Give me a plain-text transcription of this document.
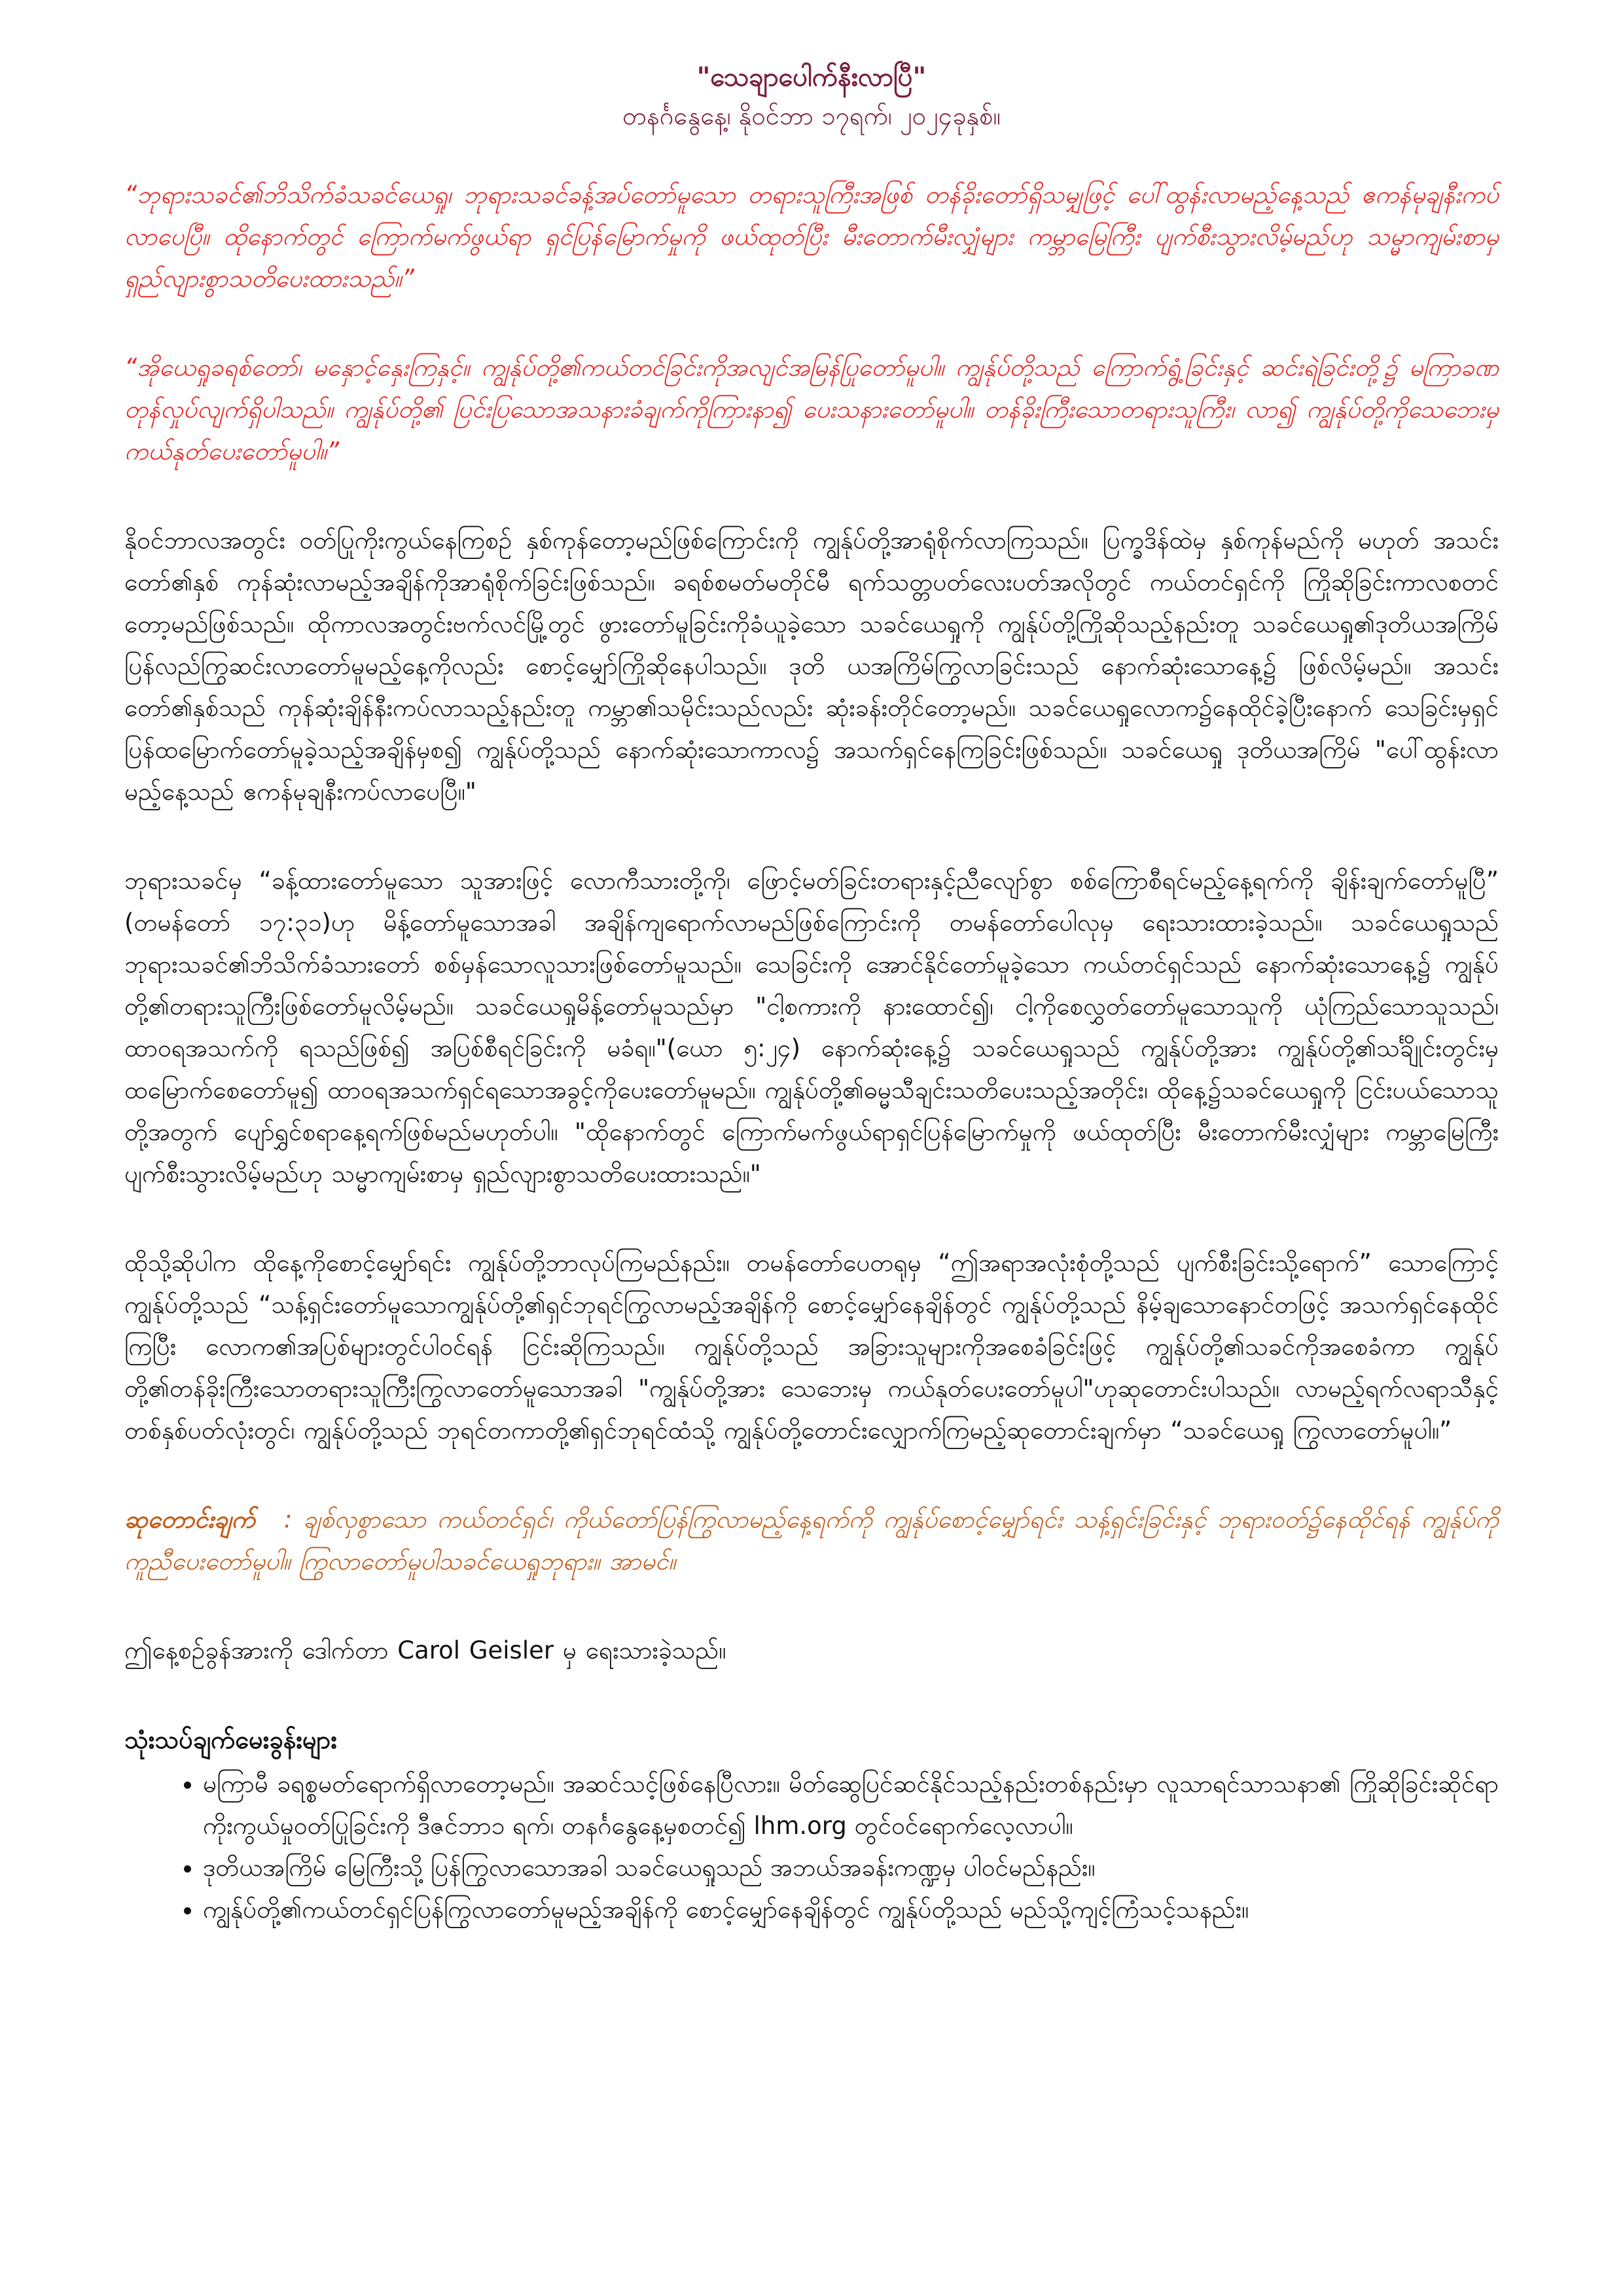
"သေချာပေါက်နီးလာပြီ"
တနင်္ဂနွေနေ့၊ နိုဝင်ဘာ ၁၇ရက်၊ ၂၀၂၄ခုနှစ်။

“ဘုရားသခင်၏ဘိသိက်ခံသခင်ယေရှု၊ ဘုရားသခင်ခန့်အပ်တော်မူသော တရားသူကြီးအဖြစ် တန်ခိုးတော်ရှိသမျှဖြင့် ပေါ်ထွန်းလာမည့်နေ့သည် ဧကန်မုချနီးကပ်လာပေပြီ။ ထိုနောက်တွင် ကြောက်မက်ဖွယ်ရာ ရှင်ပြန်မြောက်မှုကို ဖယ်ထုတ်ပြီး မီးတောက်မီးလျှံများ ကမ္ဘာမြေကြီး ပျက်စီးသွားလိမ့်မည်ဟု သမ္မာကျမ်းစာမှ ရှည်လျားစွာသတိပေးထားသည်။”

“အိုယေရှုခရစ်တော်၊ မနှောင့်နှေးကြနှင့်။ ကျွန်ုပ်တို့၏ကယ်တင်ခြင်းကိုအလျင်အမြန်ပြုတော်မူပါ။ ကျွန်ုပ်တို့သည် ကြောက်ရွံ့ခြင်းနှင့် ဆင်းရဲခြင်းတို့၌ မကြာခဏတုန်လှုပ်လျက်ရှိပါသည်။ ကျွန်ုပ်တို့၏ ပြင်းပြသောအသနားခံချက်ကိုကြားနာ၍ ပေးသနားတော်မူပါ။ တန်ခိုးကြီးသောတရားသူကြီး၊ လာ၍ ကျွန်ုပ်တို့ကိုသေဘေးမှ ကယ်နုတ်ပေးတော်မူပါ။”

နိုဝင်ဘာလအတွင်း ဝတ်ပြုကိုးကွယ်နေကြစဉ် နှစ်ကုန်တော့မည်ဖြစ်ကြောင်းကို ကျွန်ုပ်တို့အာရုံစိုက်လာကြသည်။ ပြက္ခဒိန်ထဲမှ နှစ်ကုန်မည်ကို မဟုတ် အသင်းတော်၏နှစ် ကုန်ဆုံးလာမည့်အချိန်ကိုအာရုံစိုက်ခြင်းဖြစ်သည်။ ခရစ်စမတ်မတိုင်မီ ရက်သတ္တပတ်လေးပတ်အလိုတွင် ကယ်တင်ရှင်ကို ကြိုဆိုခြင်းကာလစတင်တော့မည်ဖြစ်သည်။ ထိုကာလအတွင်းဗက်လင်မြို့တွင် ဖွားတော်မူခြင်းကိုခံယူခဲ့သော သခင်ယေရှုကို ကျွန်ုပ်တို့ကြိုဆိုသည့်နည်းတူ သခင်ယေရှု၏ဒုတိယအကြိမ်ပြန်လည်ကြွဆင်းလာတော်မူမည့်နေ့ကိုလည်း စောင့်မျှော်ကြိုဆိုနေပါသည်။ ဒုတိ ယအကြိမ်ကြွလာခြင်းသည် နောက်ဆုံးသောနေ့၌ ဖြစ်လိမ့်မည်။ အသင်းတော်၏နှစ်သည် ကုန်ဆုံးချိန်နီးကပ်လာသည့်နည်းတူ ကမ္ဘာ၏သမိုင်းသည်လည်း ဆုံးခန်းတိုင်တော့မည်။ သခင်ယေရှုလောက၌နေထိုင်ခဲ့ပြီးနောက် သေခြင်းမှရှင်ပြန်ထမြောက်တော်မူခဲ့သည့်အချိန်မှစ၍ ကျွန်ုပ်တို့သည် နောက်ဆုံးသောကာလ၌ အသက်ရှင်နေကြခြင်းဖြစ်သည်။ သခင်ယေရှု ဒုတိယအကြိမ် "ပေါ်ထွန်းလာမည့်နေ့သည် ဧကန်မုချနီးကပ်လာပေပြီ။"

ဘုရားသခင်မှ “ခန့်ထားတော်မူသော သူအားဖြင့် လောကီသားတို့ကို၊ ဖြောင့်မတ်ခြင်းတရားနှင့်ညီလျော်စွာ စစ်ကြောစီရင်မည့်နေ့ရက်ကို ချိန်းချက်တော်မူပြီ” (တမန်တော် ၁၇:၃၁)ဟု မိန့်တော်မူသောအခါ အချိန်ကျရောက်လာမည်ဖြစ်ကြောင်းကို တမန်တော်ပေါလုမှ ရေးသားထားခဲ့သည်။ သခင်ယေရှုသည် ဘုရားသခင်၏ဘိသိက်ခံသားတော် စစ်မှန်သောလူသားဖြစ်တော်မူသည်။ သေခြင်းကို အောင်နိုင်တော်မူခဲ့သော ကယ်တင်ရှင်သည် နောက်ဆုံးသောနေ့၌ ကျွန်ုပ်တို့၏တရားသူကြီးဖြစ်တော်မူလိမ့်မည်။ သခင်ယေရှုမိန့်တော်မူသည်မှာ "ငါ့စကားကို နားထောင်၍၊ ငါ့ကိုစေလွှတ်တော်မူသောသူကို ယုံကြည်သောသူသည်၊ ထာဝရအသက်ကို ရသည်ဖြစ်၍ အပြစ်စီရင်ခြင်းကို မခံရ။"(ယော ၅:၂၄) နောက်ဆုံးနေ့၌ သခင်ယေရှုသည် ကျွန်ုပ်တို့အား ကျွန်ုပ်တို့၏သင်္ချိုင်းတွင်းမှ ထမြောက်စေတော်မူ၍ ထာဝရအသက်ရှင်ရသောအခွင့်ကိုပေးတော်မူမည်။ ကျွန်ုပ်တို့၏ဓမ္မသီချင်းသတိပေးသည့်အတိုင်း၊ ထိုနေ့၌သခင်ယေရှုကို ငြင်းပယ်သောသူတို့အတွက် ပျော်ရွှင်စရာနေ့ရက်ဖြစ်မည်မဟုတ်ပါ။ "ထိုနောက်တွင် ကြောက်မက်ဖွယ်ရာရှင်ပြန်မြောက်မှုကို ဖယ်ထုတ်ပြီး မီးတောက်မီးလျှံများ ကမ္ဘာမြေကြီး ပျက်စီးသွားလိမ့်မည်ဟု သမ္မာကျမ်းစာမှ ရှည်လျားစွာသတိပေးထားသည်။"

ထိုသို့ဆိုပါက ထိုနေ့ကိုစောင့်မျှော်ရင်း ကျွန်ုပ်တို့ဘာလုပ်ကြမည်နည်း။ တမန်တော်ပေတရုမှ “ဤအရာအလုံးစုံတို့သည် ပျက်စီးခြင်းသို့ရောက်” သောကြောင့် ကျွန်ုပ်တို့သည် “သန့်ရှင်းတော်မူသောကျွန်ုပ်တို့၏ရှင်ဘုရင်ကြွလာမည့်အချိန်ကို စောင့်မျှော်နေချိန်တွင် ကျွန်ုပ်တို့သည် နိမ့်ချသောနောင်တဖြင့် အသက်ရှင်နေထိုင်ကြပြီး လောက၏အပြစ်များတွင်ပါဝင်ရန် ငြင်းဆိုကြသည်။ ကျွန်ုပ်တို့သည် အခြားသူများကိုအစေခံခြင်းဖြင့် ကျွန်ုပ်တို့၏သခင်ကိုအစေခံကာ ကျွန်ုပ်တို့၏တန်ခိုးကြီးသောတရားသူကြီးကြွလာတော်မူသောအခါ "ကျွန်ုပ်တို့အား သေဘေးမှ ကယ်နုတ်ပေးတော်မူပါ"ဟုဆုတောင်းပါသည်။ လာမည့်ရက်လရာသီနှင့် တစ်နှစ်ပတ်လုံးတွင်၊ ကျွန်ုပ်တို့သည် ဘုရင်တကာတို့၏ရှင်ဘုရင်ထံသို့ ကျွန်ုပ်တို့တောင်းလျှောက်ကြမည့်ဆုတောင်းချက်မှာ “သခင်ယေရှု ကြွလာတော်မူပါ။”

ဆုတောင်းချက် : ချစ်လှစွာသော ကယ်တင်ရှင်၊ ကိုယ်တော်ပြန်ကြွလာမည့်နေ့ရက်ကို ကျွန်ုပ်စောင့်မျှော်ရင်း သန့်ရှင်းခြင်းနှင့် ဘုရားဝတ်၌နေထိုင်ရန် ကျွန်ုပ်ကို ကူညီပေးတော်မူပါ။ ကြွလာတော်မူပါသခင်ယေရှုဘုရား။ အာမင်။

ဤနေ့စဉ်ခွန်အားကို ဒေါက်တာ Carol Geisler မှ ရေးသားခဲ့သည်။

သုံးသပ်ချက်မေးခွန်းများ
• မကြာမီ ခရစ္စမတ်ရောက်ရှိလာတော့မည်။ အဆင်သင့်ဖြစ်နေပြီလား။ မိတ်ဆွေပြင်ဆင်နိုင်သည့်နည်းတစ်နည်းမှာ လူသာရင်သာသနာ၏ ကြိုဆိုခြင်းဆိုင်ရာကိုးကွယ်မှုဝတ်ပြုခြင်းကို ဒီဇင်ဘာ၁ ရက်၊ တနင်္ဂနွေနေ့မှစတင်၍ lhm.org တွင်ဝင်ရောက်လေ့လာပါ။
• ဒုတိယအကြိမ် မြေကြီးသို့ ပြန်ကြွလာသောအခါ သခင်ယေရှုသည် အဘယ်အခန်းကဏ္ဍမှ ပါဝင်မည်နည်း။
• ကျွန်ုပ်တို့၏ကယ်တင်ရှင်ပြန်ကြွလာတော်မူမည့်အချိန်ကို စောင့်မျှော်နေချိန်တွင် ကျွန်ုပ်တို့သည် မည်သို့ကျင့်ကြံသင့်သနည်း။
